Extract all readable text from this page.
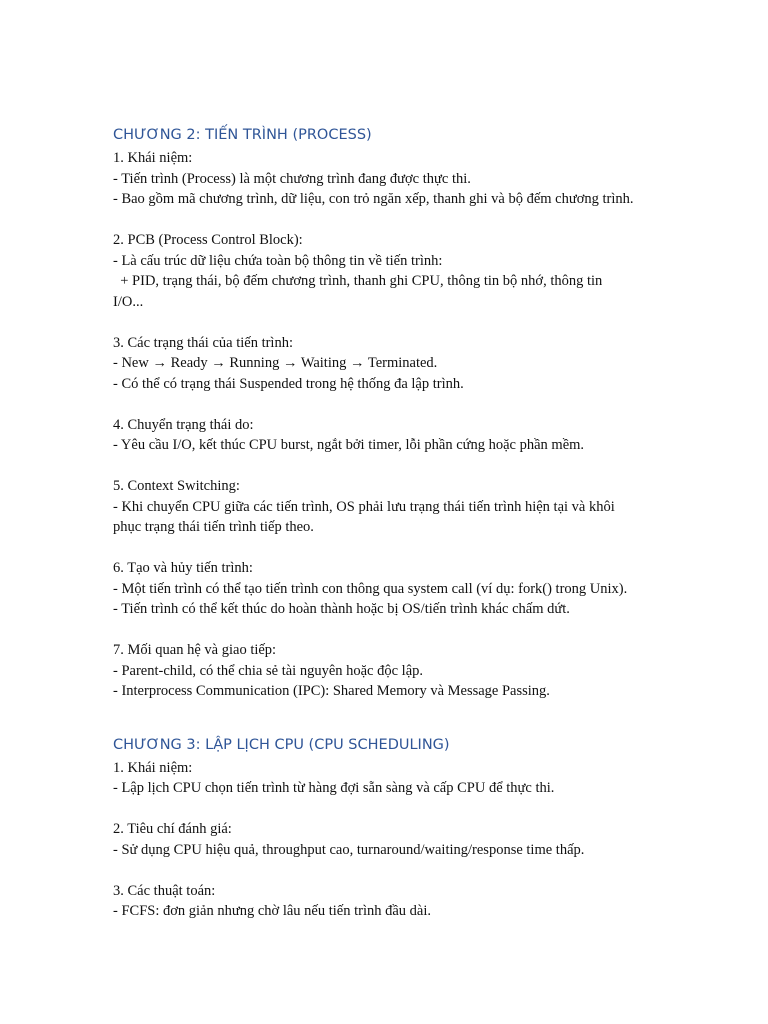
CHƯƠNG 2: TIẾN TRÌNH (PROCESS)
1. Khái niệm:
- Tiến trình (Process) là một chương trình đang được thực thi.
- Bao gồm mã chương trình, dữ liệu, con trỏ ngăn xếp, thanh ghi và bộ đếm chương trình.
2. PCB (Process Control Block):
- Là cấu trúc dữ liệu chứa toàn bộ thông tin về tiến trình:
+ PID, trạng thái, bộ đếm chương trình, thanh ghi CPU, thông tin bộ nhớ, thông tin
I/O...
3. Các trạng thái của tiến trình:
- New → Ready → Running → Waiting → Terminated.
- Có thể có trạng thái Suspended trong hệ thống đa lập trình.
4. Chuyển trạng thái do:
- Yêu cầu I/O, kết thúc CPU burst, ngắt bởi timer, lỗi phần cứng hoặc phần mềm.
5. Context Switching:
- Khi chuyển CPU giữa các tiến trình, OS phải lưu trạng thái tiến trình hiện tại và khôi
phục trạng thái tiến trình tiếp theo.
6. Tạo và hủy tiến trình:
- Một tiến trình có thể tạo tiến trình con thông qua system call (ví dụ: fork() trong Unix).
- Tiến trình có thể kết thúc do hoàn thành hoặc bị OS/tiến trình khác chấm dứt.
7. Mối quan hệ và giao tiếp:
- Parent-child, có thể chia sẻ tài nguyên hoặc độc lập.
- Interprocess Communication (IPC): Shared Memory và Message Passing.
CHƯƠNG 3: LẬP LỊCH CPU (CPU SCHEDULING)
1. Khái niệm:
- Lập lịch CPU chọn tiến trình từ hàng đợi sẵn sàng và cấp CPU để thực thi.
2. Tiêu chí đánh giá:
- Sử dụng CPU hiệu quả, throughput cao, turnaround/waiting/response time thấp.
3. Các thuật toán:
- FCFS: đơn giản nhưng chờ lâu nếu tiến trình đầu dài.
